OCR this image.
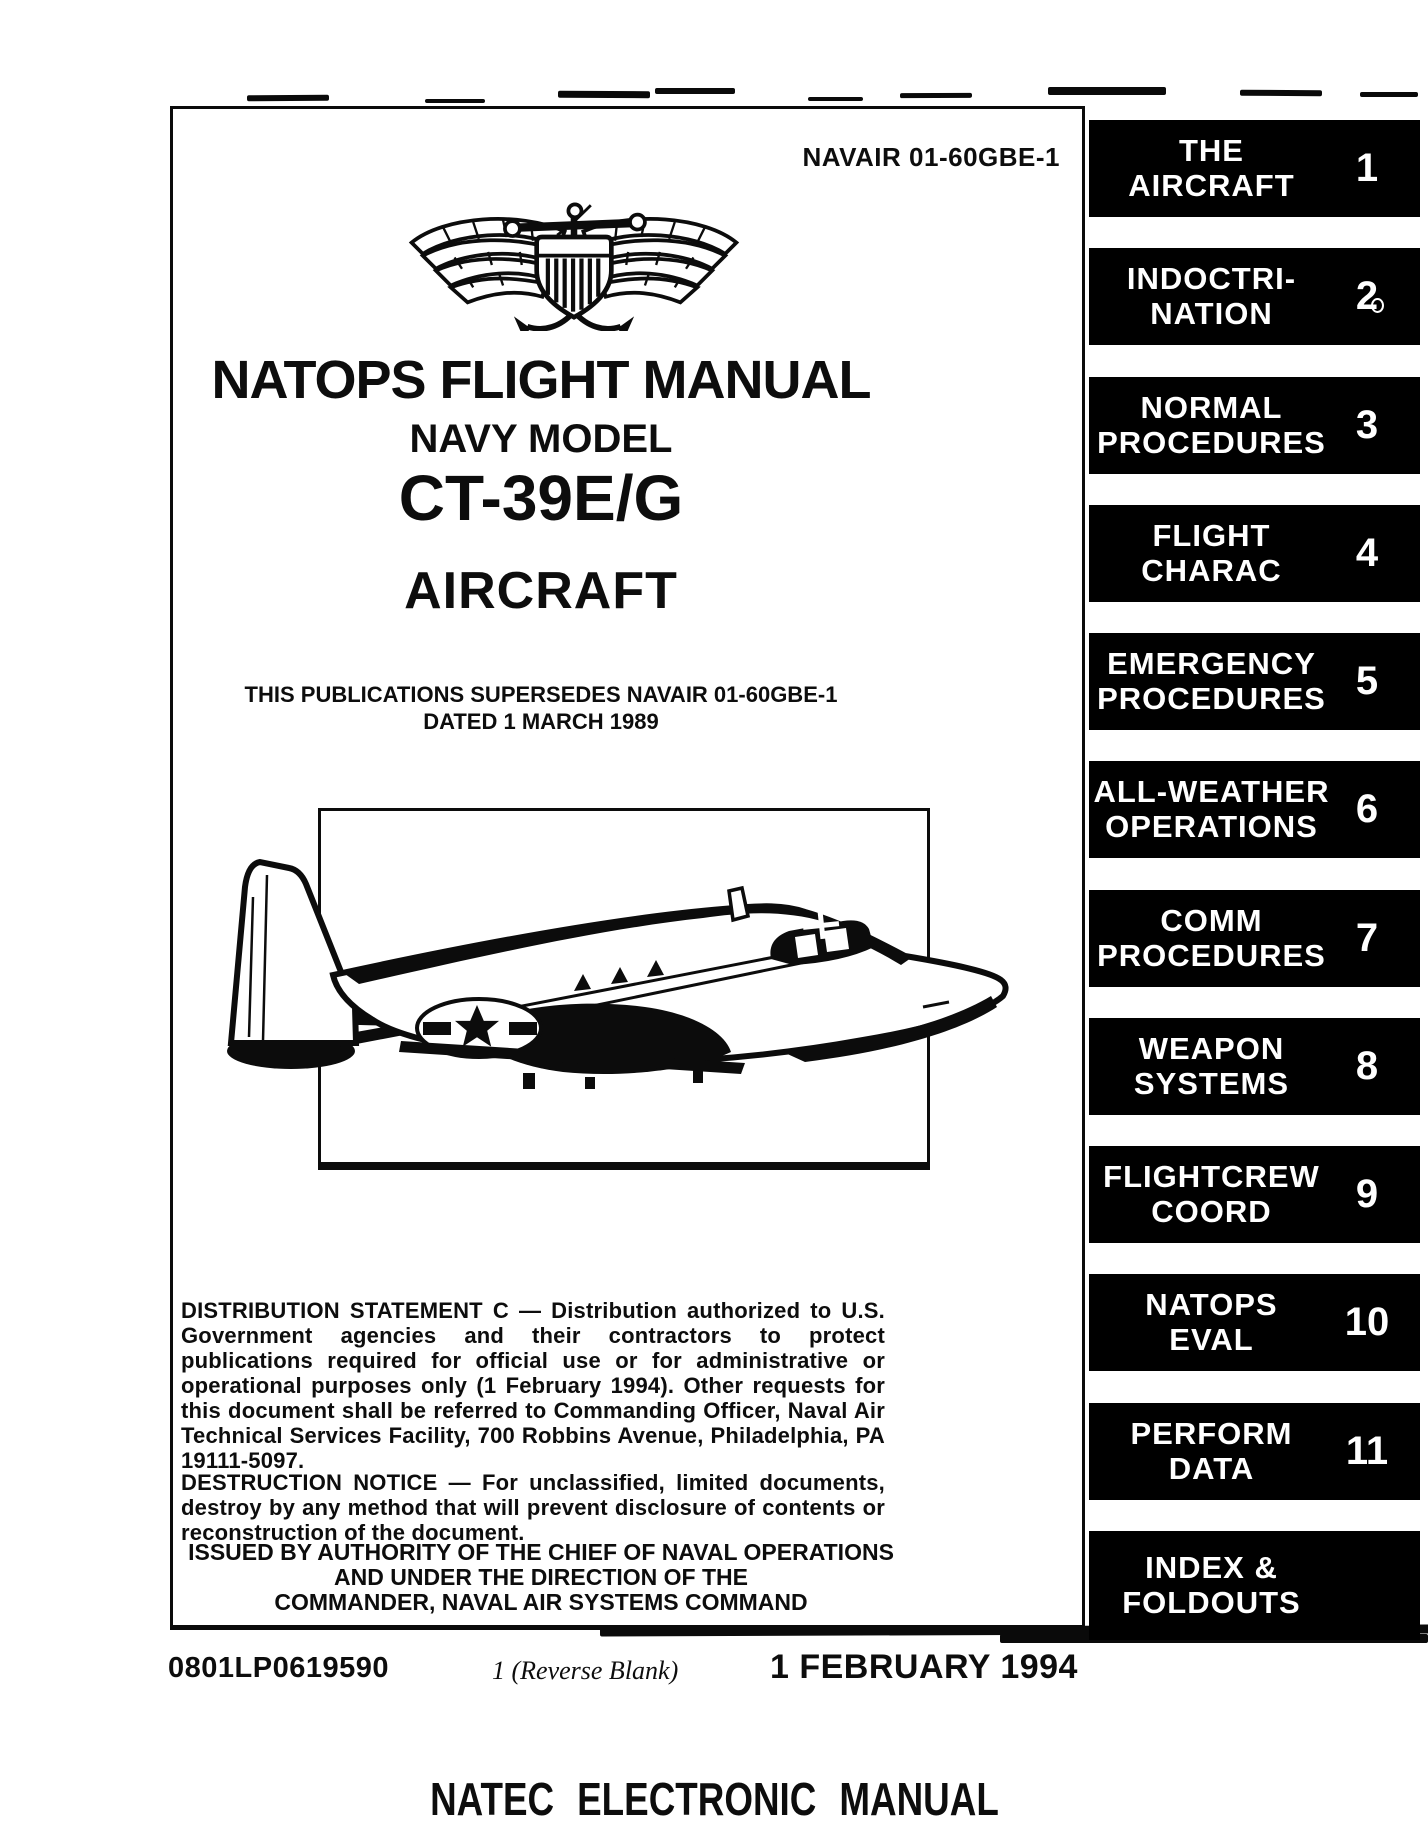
NAVAIR 01-60GBE-1
NATOPS FLIGHT MANUAL
NAVY MODEL
CT-39E/G
AIRCRAFT
THIS PUBLICATIONS SUPERSEDES NAVAIR 01-60GBE-1
DATED 1 MARCH 1989

DISTRIBUTION STATEMENT C — Distribution authorized to U.S. Government agencies and their contractors to protect publications required for official use or for administrative or operational purposes only (1 February 1994). Other requests for this document shall be referred to Commanding Officer, Naval Air Technical Services Facility, 700 Robbins Avenue, Philadelphia, PA 19111-5097.

DESTRUCTION NOTICE — For unclassified, limited documents, destroy by any method that will prevent disclosure of contents or reconstruction of the document.

ISSUED BY AUTHORITY OF THE CHIEF OF NAVAL OPERATIONS
AND UNDER THE DIRECTION OF THE
COMMANDER, NAVAL AIR SYSTEMS COMMAND
THE
AIRCRAFT	1
INDOCTRI-
NATION	2
NORMAL
PROCEDURES 3
FLIGHT
CHARAC	4
EMERGENCY
PROCEDURES 5
ALL-WEATHER
OPERATIONS 6
COMM
PROCEDURES 7
WEAPON
SYSTEMS	8
FLIGHTCREW
COORD	9
NATOPS
EVAL	10
PERFORM
DATA	11
INDEX &
FOLDOUTS
0801LP0619590	1 (Reverse Blank)	1 FEBRUARY 1994
NATEC ELECTRONIC MANUAL
